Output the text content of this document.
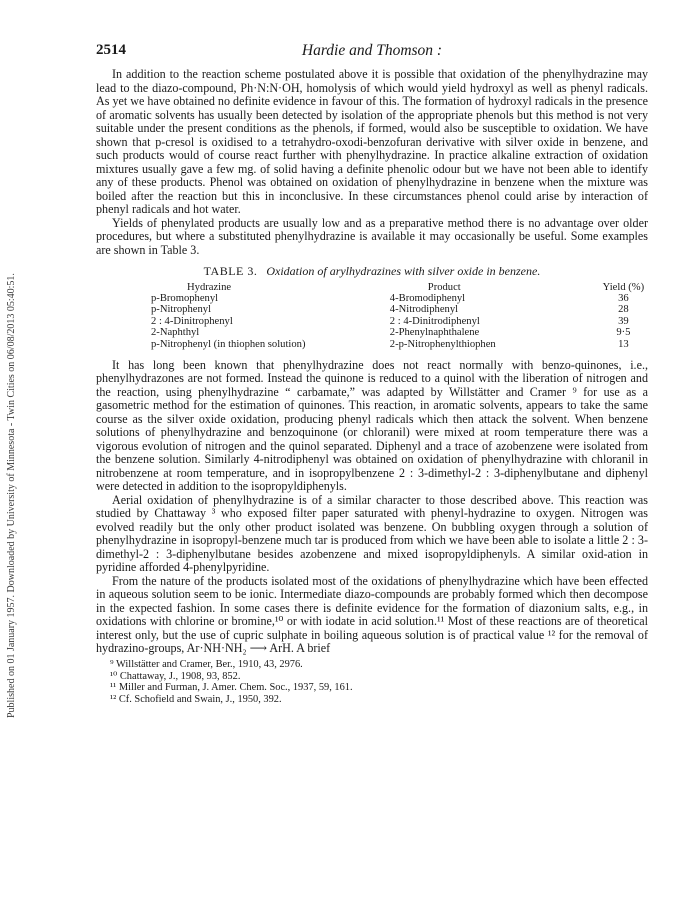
Published on 01 January 1957. Downloaded by University of Minnesota - Twin Cities on 06/08/2013 05:40:51.
2514	Hardie and Thomson :

In addition to the reaction scheme postulated above it is possible that oxidation of the phenylhydrazine may lead to the diazo-compound, Ph·N:N·OH, homolysis of which would yield hydroxyl as well as phenyl radicals. As yet we have obtained no definite evidence in favour of this. The formation of hydroxyl radicals in the presence of aromatic solvents has usually been detected by isolation of the appropriate phenols but this method is not very suitable under the present conditions as the phenols, if formed, would also be susceptible to oxidation. We have shown that p-cresol is oxidised to a tetrahydro-oxodi-benzofuran derivative with silver oxide in benzene, and such products would of course react further with phenylhydrazine. In practice alkaline extraction of oxidation mixtures usually gave a few mg. of solid having a definite phenolic odour but we have not been able to identify any of these products. Phenol was obtained on oxidation of phenylhydrazine in benzene when the mixture was boiled after the reaction but this in inconclusive. In these circumstances phenol could arise by interaction of phenyl radicals and hot water.

Yields of phenylated products are usually low and as a preparative method there is no advantage over older procedures, but where a substituted phenylhydrazine is available it may occasionally be useful. Some examples are shown in Table 3.

TABLE 3. Oxidation of arylhydrazines with silver oxide in benzene.
Hydrazine	Product	Yield (%)
p-Bromophenyl	4-Bromodiphenyl	36
p-Nitrophenyl	4-Nitrodiphenyl	28
2 : 4-Dinitrophenyl	2 : 4-Dinitrodiphenyl	39
2-Naphthyl	2-Phenylnaphthalene	9·5
p-Nitrophenyl (in thiophen solution)	2-p-Nitrophenylthiophen	13

It has long been known that phenylhydrazine does not react normally with benzo-quinones, i.e., phenylhydrazones are not formed. Instead the quinone is reduced to a quinol with the liberation of nitrogen and the reaction, using phenylhydrazine “ carbamate,” was adapted by Willstätter and Cramer ⁹ for use as a gasometric method for the estimation of quinones. This reaction, in aromatic solvents, appears to take the same course as the silver oxide oxidation, producing phenyl radicals which then attack the solvent. When benzene solutions of phenylhydrazine and benzoquinone (or chloranil) were mixed at room temperature there was a vigorous evolution of nitrogen and the quinol separated. Diphenyl and a trace of azobenzene were isolated from the benzene solution. Similarly 4-nitrodiphenyl was obtained on oxidation of phenylhydrazine with chloranil in nitrobenzene at room temperature, and in isopropylbenzene 2 : 3-dimethyl-2 : 3-diphenylbutane and diphenyl were detected in addition to the isopropyldiphenyls.

Aerial oxidation of phenylhydrazine is of a similar character to those described above. This reaction was studied by Chattaway ³ who exposed filter paper saturated with phenyl-hydrazine to oxygen. Nitrogen was evolved readily but the only other product isolated was benzene. On bubbling oxygen through a solution of phenylhydrazine in isopropyl-benzene much tar is produced from which we have been able to isolate a little 2 : 3-dimethyl-2 : 3-diphenylbutane besides azobenzene and mixed isopropyldiphenyls. A similar oxid-ation in pyridine afforded 4-phenylpyridine.

From the nature of the products isolated most of the oxidations of phenylhydrazine which have been effected in aqueous solution seem to be ionic. Intermediate diazo-compounds are probably formed which then decompose in the expected fashion. In some cases there is definite evidence for the formation of diazonium salts, e.g., in oxidations with chlorine or bromine,¹⁰ or with iodate in acid solution.¹¹ Most of these reactions are of theoretical interest only, but the use of cupric sulphate in boiling aqueous solution is of practical value ¹² for the removal of hydrazino-groups, Ar·NH·NH₂ ⟶ ArH. A brief

⁹ Willstätter and Cramer, Ber., 1910, 43, 2976.
¹⁰ Chattaway, J., 1908, 93, 852.
¹¹ Miller and Furman, J. Amer. Chem. Soc., 1937, 59, 161.
¹² Cf. Schofield and Swain, J., 1950, 392.
